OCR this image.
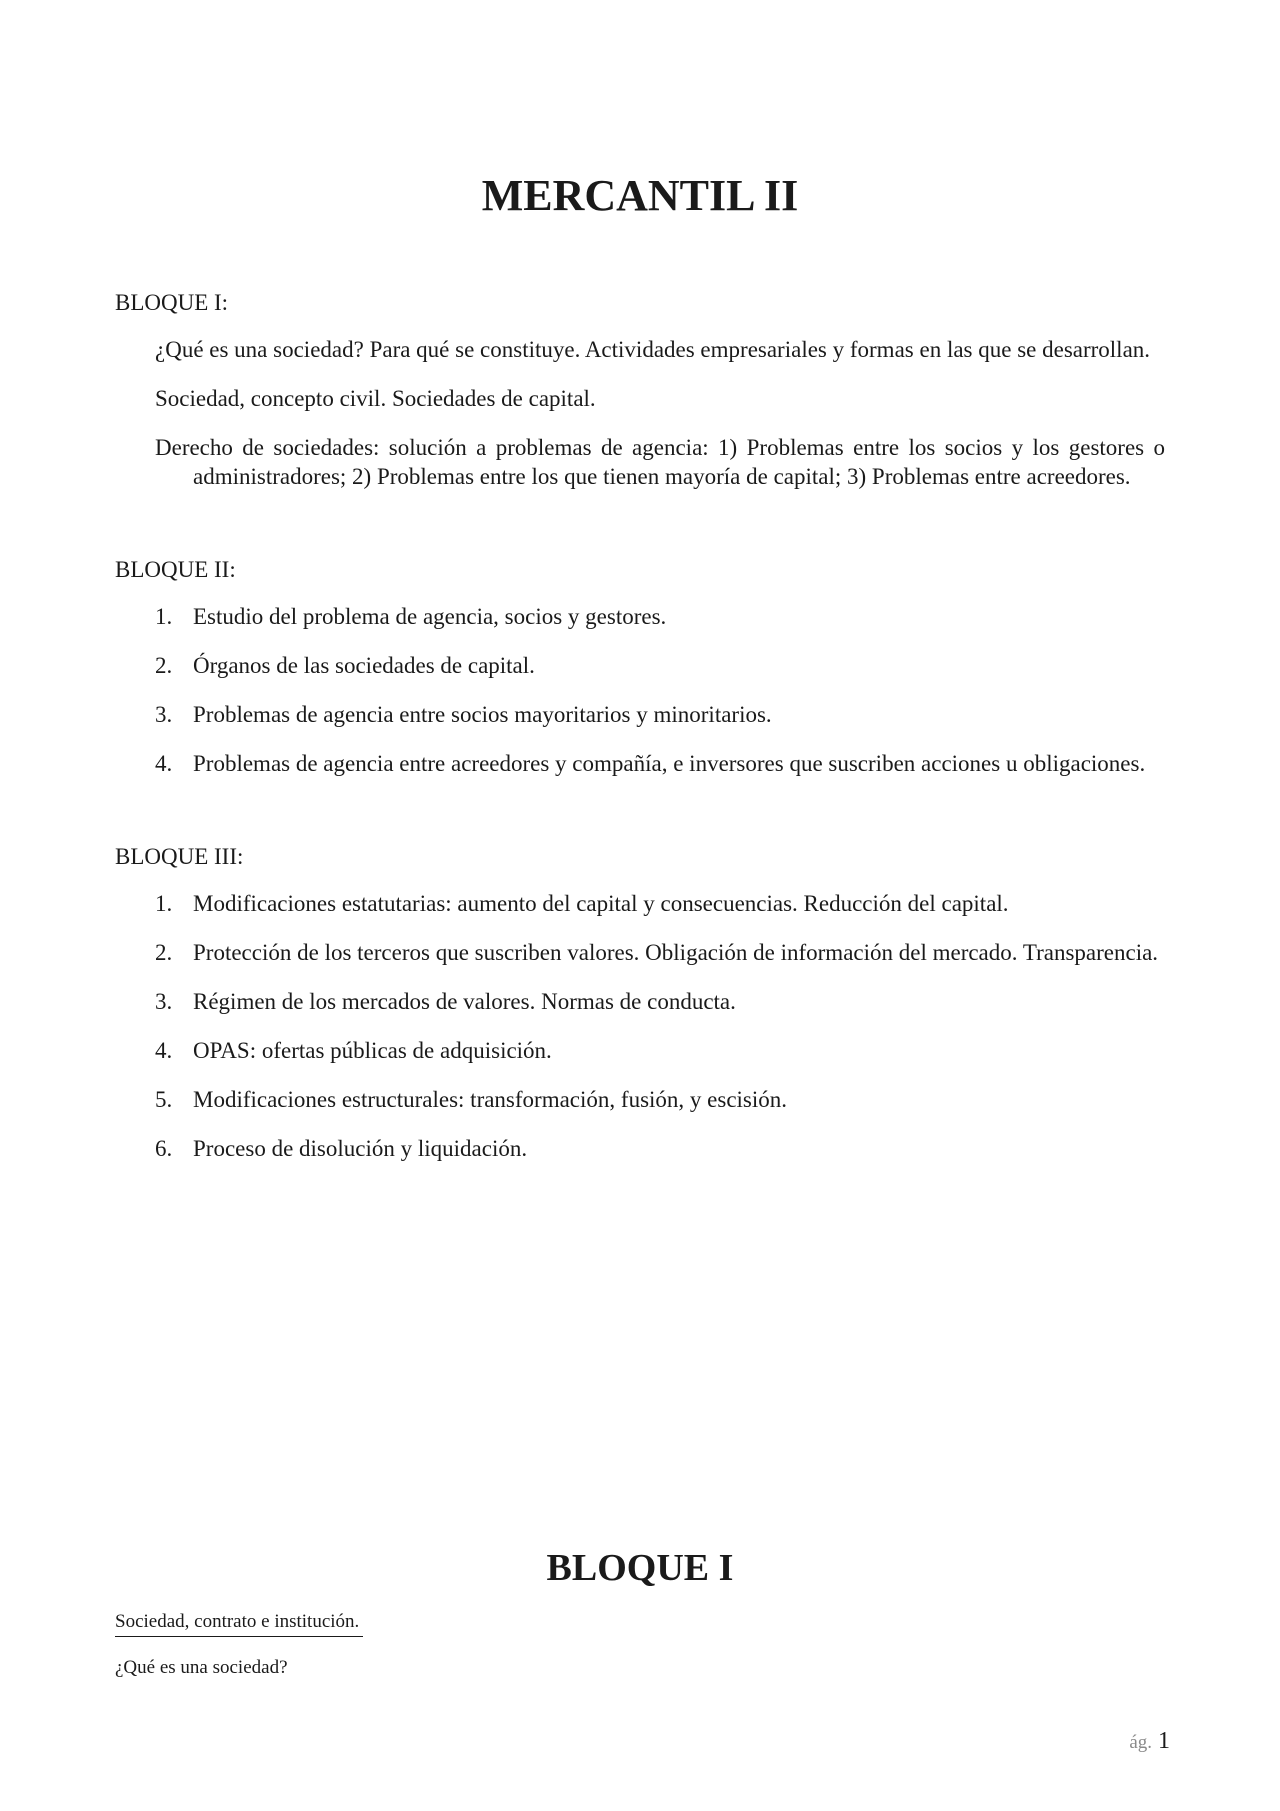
MERCANTIL II

BLOQUE I:

¿Qué es una sociedad? Para qué se constituye. Actividades empresariales y formas en las que se desarrollan.

Sociedad, concepto civil. Sociedades de capital.

Derecho de sociedades: solución a problemas de agencia: 1) Problemas entre los socios y los gestores o administradores; 2) Problemas entre los que tienen mayoría de capital; 3) Problemas entre acreedores.

BLOQUE II:

1. Estudio del problema de agencia, socios y gestores.
2. Órganos de las sociedades de capital.
3. Problemas de agencia entre socios mayoritarios y minoritarios.
4. Problemas de agencia entre acreedores y compañía, e inversores que suscriben acciones u obligaciones.

BLOQUE III:

1. Modificaciones estatutarias: aumento del capital y consecuencias. Reducción del capital.
2. Protección de los terceros que suscriben valores. Obligación de información del mercado. Transparencia.
3. Régimen de los mercados de valores. Normas de conducta.
4. OPAS: ofertas públicas de adquisición.
5. Modificaciones estructurales: transformación, fusión, y escisión.
6. Proceso de disolución y liquidación.
BLOQUE I
Sociedad, contrato e institución.

¿Qué es una sociedad?

ág. 1
